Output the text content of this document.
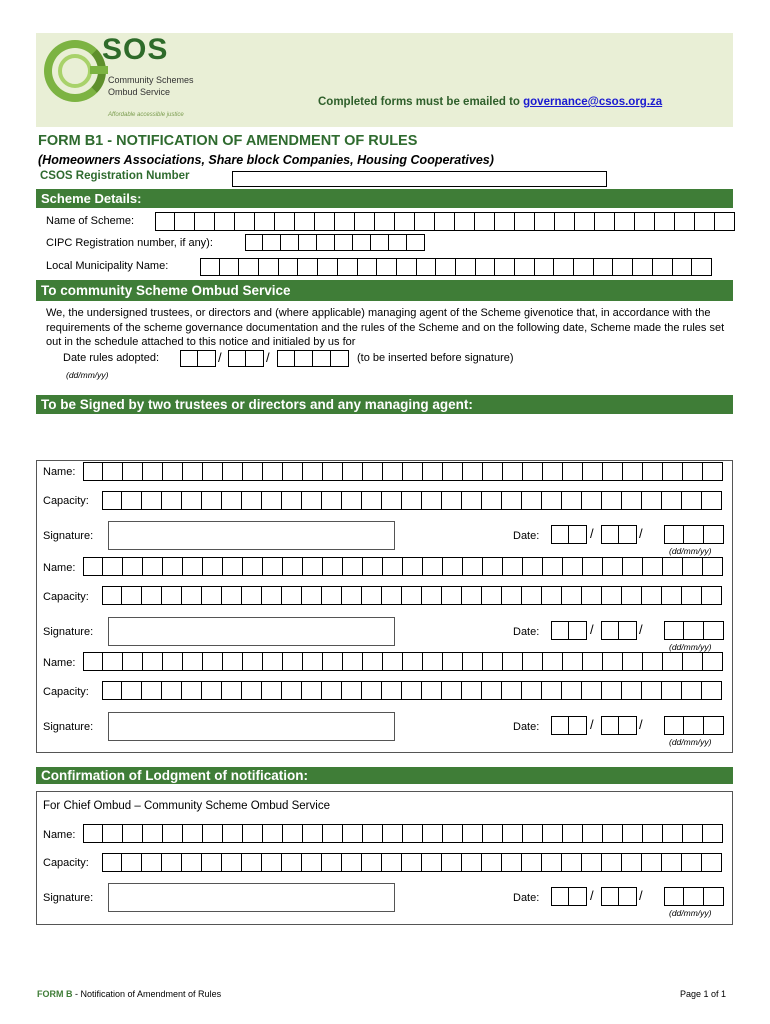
SOS
Community Schemes
Ombud Service
Affordable accessible justice
Completed forms must be emailed to governance@csos.org.za
FORM B1 - NOTIFICATION OF AMENDMENT OF RULES
(Homeowners Associations, Share block Companies, Housing Cooperatives)
CSOS Registration Number
Scheme Details:
Name of Scheme:
CIPC Registration number, if any):
Local Municipality Name:
To community Scheme Ombud Service
We, the undersigned trustees, or directors and (where applicable) managing agent of the Scheme givenotice that, in accordance with the requirements of the scheme governance documentation and the rules of the Scheme and on the following date, Scheme made the rules set out in the schedule attached to this notice and initialed by us for
Date rules adopted:	/	/	(to be inserted before signature)
(dd/mm/yy)
To be Signed by two trustees or directors and any managing agent:
Name:
Capacity:
Signature:	Date:	/	/
(dd/mm/yy)
Name:
Capacity:
Signature:	Date:	/	/
(dd/mm/yy)
Name:
Capacity:
Signature:	Date:	/	/
(dd/mm/yy)
Confirmation of Lodgment of notification:
For Chief Ombud – Community Scheme Ombud Service
Name:
Capacity:
Signature:	Date:	/	/
(dd/mm/yy)
FORM B - Notification of Amendment of Rules	Page 1 of 1
